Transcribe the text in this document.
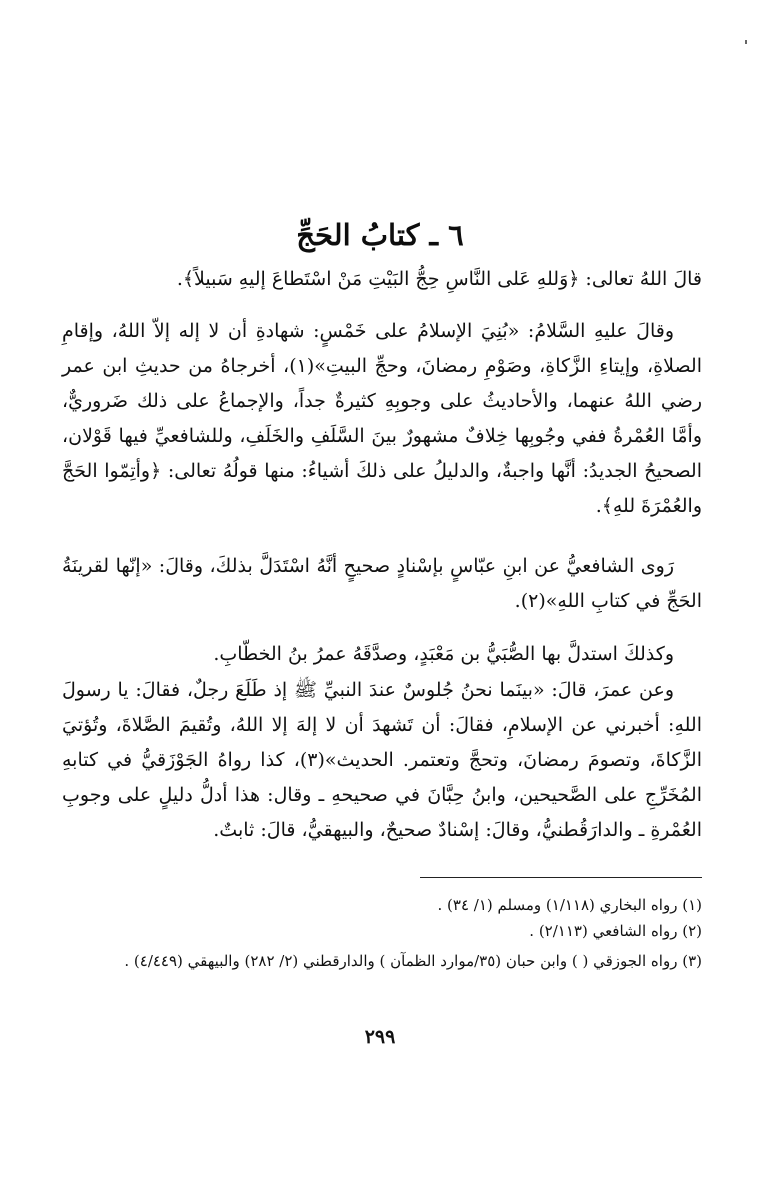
٦ ـ كتابُ الحَجِّ

قالَ اللهُ تعالى: ﴿وَللهِ عَلى النَّاسِ حِجُّ البَيْتِ مَنْ اسْتَطاعَ إليهِ سَبيلاً﴾.

وقالَ عليهِ السَّلامُ: «بُنِيَ الإسلامُ على خَمْسٍ: شهادةِ أن لا إله إلاّ اللهُ، وإقامِ الصلاةِ، وإيتاءِ الزَّكاةِ، وصَوْمِ رمضانَ، وحجِّ البيتِ»(١)، أخرجاهُ من حديثِ ابن عمر رضي اللهُ عنهما، والأحاديثُ على وجوبِهِ كثيرةٌ جداً، والإجماعُ على ذلك ضَروريٌّ، وأمَّا العُمْرةُ ففي وجُوبِها خِلافٌ مشهورٌ بينَ السَّلَفِ والخَلَفِ، وللشافعيِّ فيها قَوْلان، الصحيحُ الجديدُ: أنَّها واجبةٌ، والدليلُ على ذلكَ أشياءُ: منها قولُهُ تعالى: ﴿وأتِمّوا الحَجَّ والعُمْرَةَ للهِ﴾.

رَوى الشافعيُّ عن ابنِ عبّاسٍ بإسْنادٍ صحيحٍ أنَّهُ اسْتَدَلَّ بذلكَ، وقالَ: «إنّها لقرينَةُ الحَجِّ في كتابِ اللهِ»(٢).

وكذلكَ استدلَّ بها الصُّبَيُّ بن مَعْبَدٍ، وصدَّقَهُ عمرُ بنُ الخطّابِ.

وعن عمرَ، قالَ: «بينَما نحنُ جُلوسٌ عندَ النبيِّ ﷺ إذ طَلَعَ رجلٌ، فقالَ: يا رسولَ اللهِ: أخبرني عن الإسلامِ، فقالَ: أن تَشهدَ أن لا إلهَ إلا اللهُ، وتُقيمَ الصَّلاةَ، وتُؤتيَ الزَّكاةَ، وتصومَ رمضانَ، وتحجَّ وتعتمر. الحديث»(٣)، كذا رواهُ الجَوْزَقيُّ في كتابهِ المُخَرِّجِ على الصَّحيحين، وابنُ حِبَّانَ في صحيحهِ ـ وقال: هذا أدلُّ دليلٍ على وجوبِ العُمْرةِ ـ والدارَقُطنيُّ، وقالَ: إسْنادٌ صحيحٌ، والبيهقيُّ، قالَ: ثابتٌ.

(١) رواه البخاري (١/١١٨) ومسلم (١/ ٣٤) .
(٢) رواه الشافعي (٢/١١٣) .
(٣) رواه الجوزقي ( ) وابن حبان (٣٥/موارد الظمآن ) والدارقطني (٢/ ٢٨٢) والبيهقي (٤/٤٤٩) .
٢٩٩
